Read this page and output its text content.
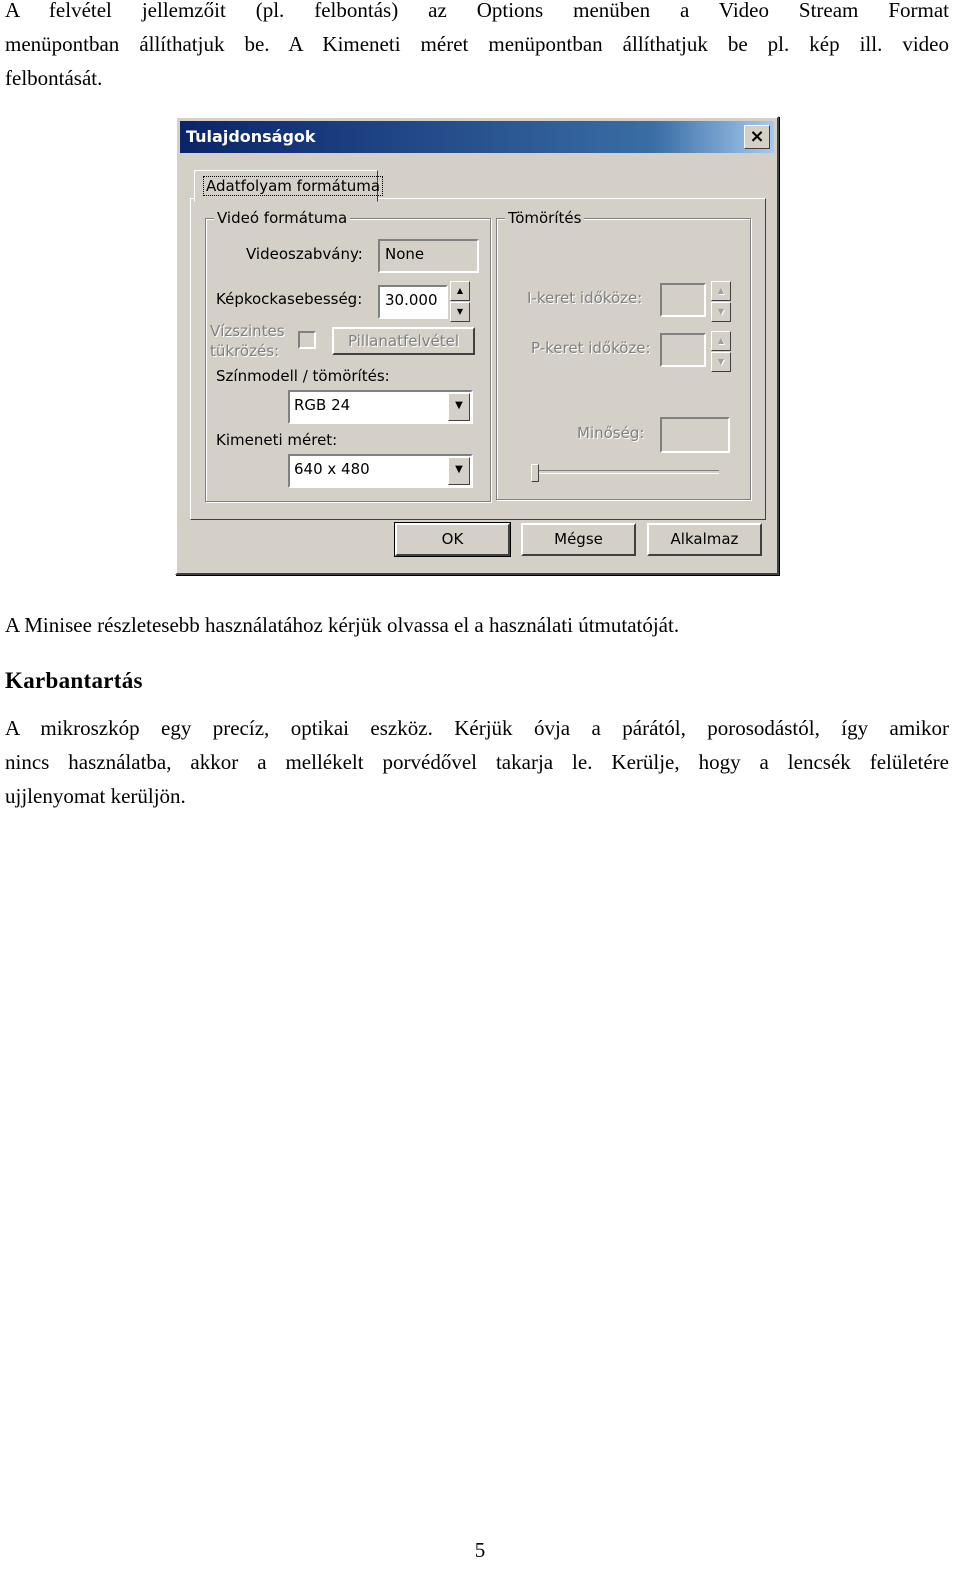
A felvétel jellemzőit (pl. felbontás) az Options menüben a Video Stream Format

menüpontban állíthatjuk be. A Kimeneti méret menüpontban állíthatjuk be pl. kép ill. video

felbontását.

Tulajdonságok	×
Adatfolyam formátuma
Videó formátuma
Videoszabvány: None
Képkockasebesség: 30.000
▲
▼
Vízszintes
tükrözés:
Pillanatfelvétel
Színmodell / tömörítés:
RGB 24	▼
Kimeneti méret:
640 x 480	▼
Tömörítés
I-keret időköze:	▲
▼
P-keret időköze:	▲
▼
Minőség:
OK	Mégse	Alkalmaz

A Minisee részletesebb használatához kérjük olvassa el a használati útmutatóját.

Karbantartás

A mikroszkóp egy precíz, optikai eszköz. Kérjük óvja a párától, porosodástól, így amikor

nincs használatba, akkor a mellékelt porvédővel takarja le. Kerülje, hogy a lencsék felületére

ujjlenyomat kerüljön.

5
